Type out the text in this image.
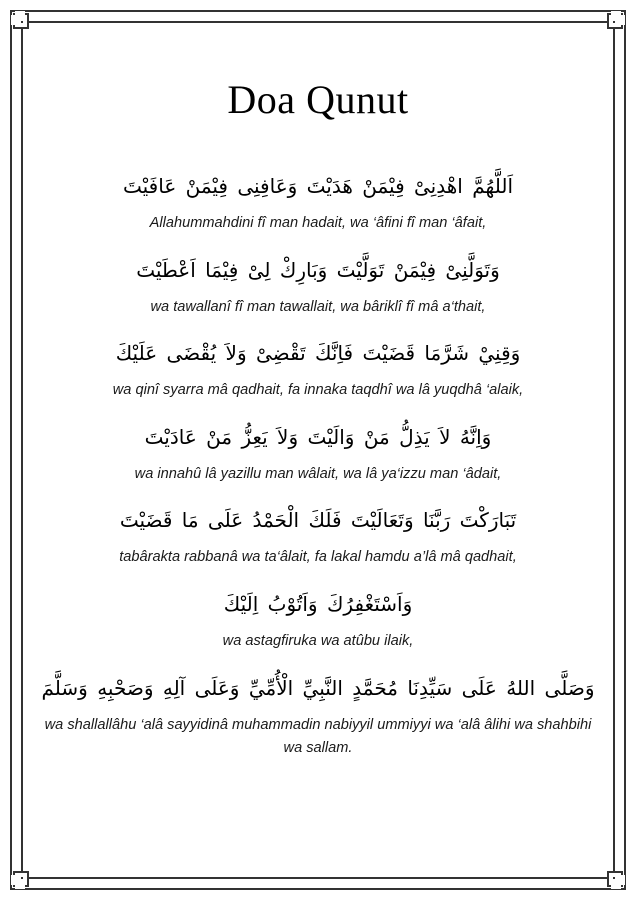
Doa Qunut

اَللَّهُمَّ اهْدِنِىْ فِيْمَنْ هَدَيْتَ وَعَافِنِى فِيْمَنْ عَافَيْتَ

Allahummahdini fî man hadait, wa ‘âfini fî man ‘âfait,

وَتَوَلَّنِىْ فِيْمَنْ تَوَلَّيْتَ وَبَارِكْ لِىْ فِيْمَا اَعْطَيْتَ

wa tawallanî fî man tawallait, wa bâriklî fî mâ a‘thait,

وَقِنِيْ شَرَّمَا قَضَيْتَ فَاِنَّكَ تَقْضِىْ وَلاَ يُقْضَى عَلَيْكَ

wa qinî syarra mâ qadhait, fa innaka taqdhî wa lâ yuqdhâ ‘alaik,

وَاِنَّهُ لاَ يَذِلُّ مَنْ وَالَيْتَ وَلاَ يَعِزُّ مَنْ عَادَيْتَ

wa innahû lâ yazillu man wâlait, wa lâ ya‘izzu man ‘âdait,

تَبَارَكْتَ رَبَّنَا وَتَعَالَيْتَ فَلَكَ الْحَمْدُ عَلَى مَا قَضَيْتَ

tabârakta rabbanâ wa ta‘âlait, fa lakal hamdu a’lâ mâ qadhait,

وَاَسْتَغْفِرُكَ وَاَتُوْبُ اِلَيْكَ

wa astagfiruka wa atûbu ilaik,

وَصَلَّى اللهُ عَلَى سَيِّدِنَا مُحَمَّدٍ النَّبِيِّ الْأُمِّيِّ وَعَلَى آلِهِ وَصَحْبِهِ وَسَلَّمَ

wa shallallâhu ‘alâ sayyidinâ muhammadin nabiyyil ummiyyi wa ‘alâ âlihi wa shahbihi wa sallam.
